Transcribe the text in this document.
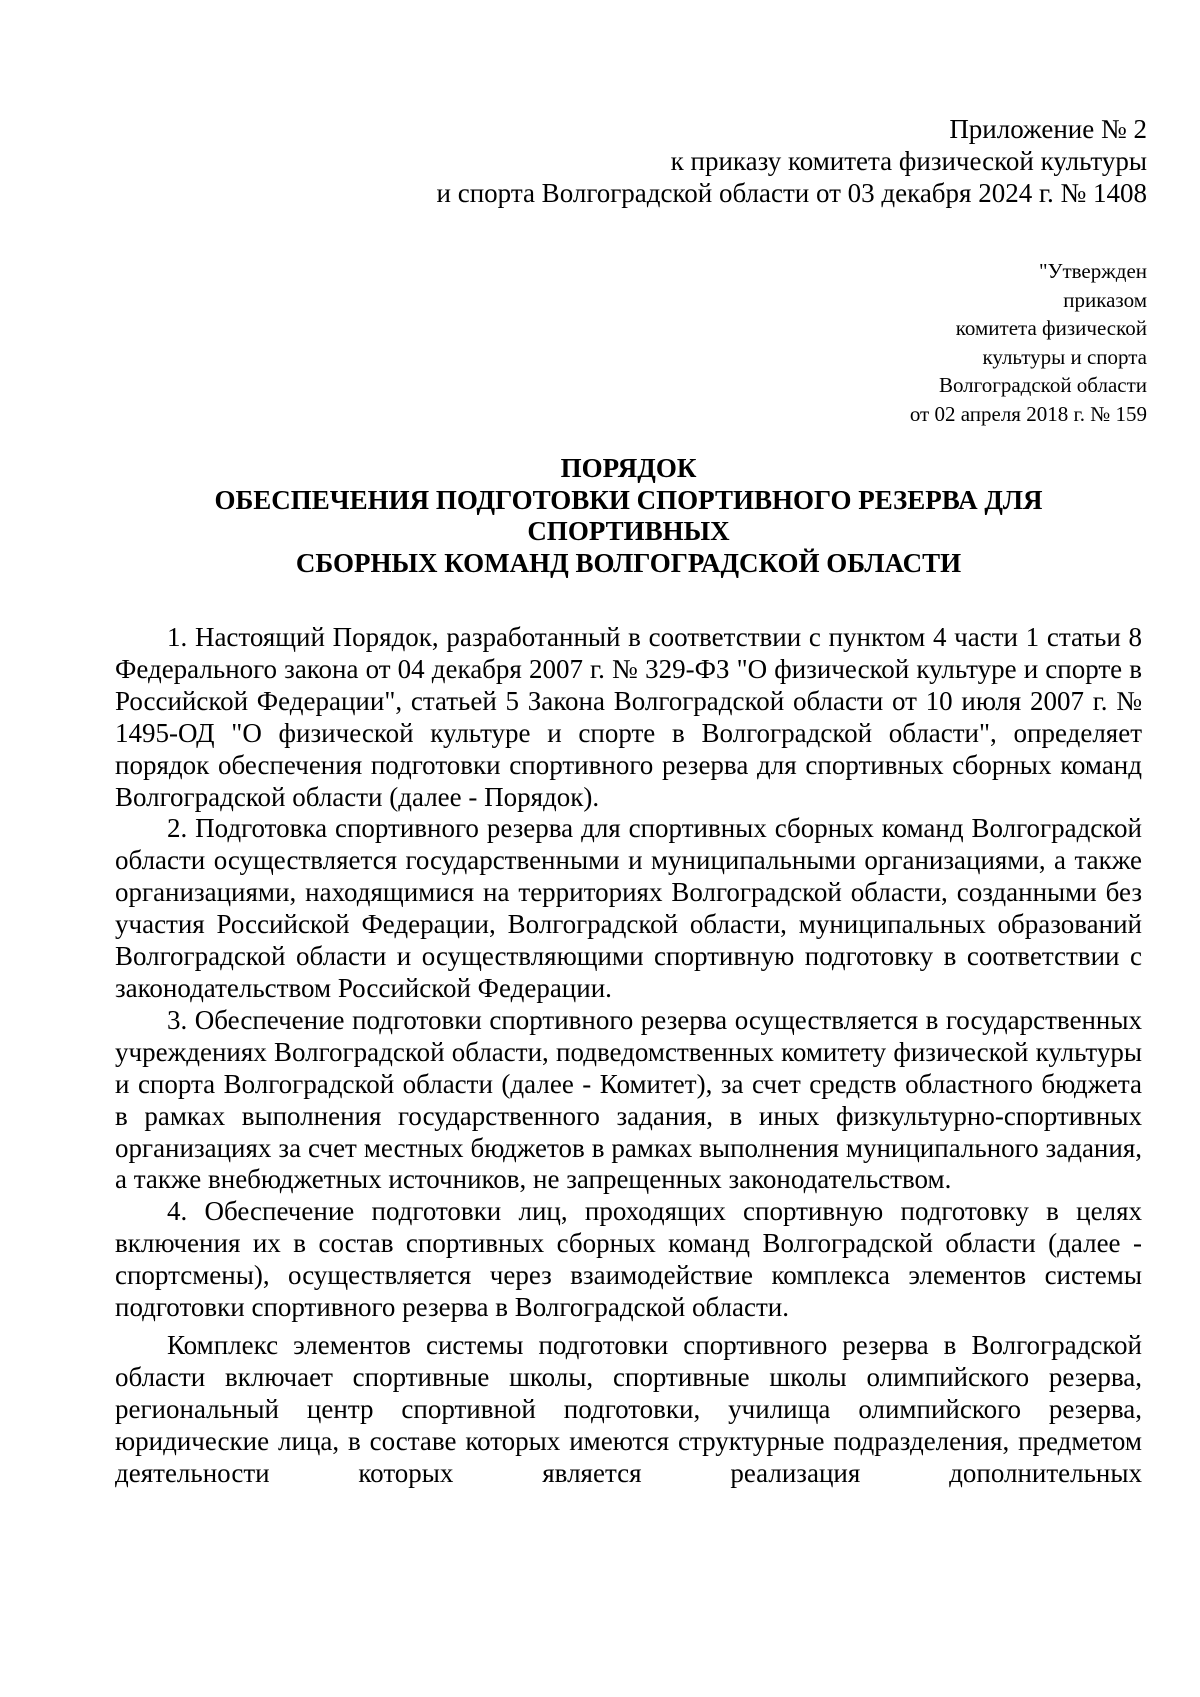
Приложение № 2
к приказу комитета физической культуры
и спорта Волгоградской области от 03 декабря 2024 г. № 1408
"Утвержден
приказом
комитета физической
культуры и спорта
Волгоградской области
от 02 апреля 2018 г. № 159
ПОРЯДОК
ОБЕСПЕЧЕНИЯ ПОДГОТОВКИ СПОРТИВНОГО РЕЗЕРВА ДЛЯ
СПОРТИВНЫХ
СБОРНЫХ КОМАНД ВОЛГОГРАДСКОЙ ОБЛАСТИ

1. Настоящий Порядок, разработанный в соответствии с пунктом 4 части 1 статьи 8 Федерального закона от 04 декабря 2007 г. № 329-ФЗ "О физической культуре и спорте в Российской Федерации", статьей 5 Закона Волгоградской области от 10 июля 2007 г. № 1495-ОД "О физической культуре и спорте в Волгоградской области", определяет порядок обеспечения подготовки спортивного резерва для спортивных сборных команд Волгоградской области (далее - Порядок).

2. Подготовка спортивного резерва для спортивных сборных команд Волгоградской области осуществляется государственными и муниципальными организациями, а также организациями, находящимися на территориях Волгоградской области, созданными без участия Российской Федерации, Волгоградской области, муниципальных образований Волгоградской области и осуществляющими спортивную подготовку в соответствии с законодательством Российской Федерации.

3. Обеспечение подготовки спортивного резерва осуществляется в государственных учреждениях Волгоградской области, подведомственных комитету физической культуры и спорта Волгоградской области (далее - Комитет), за счет средств областного бюджета в рамках выполнения государственного задания, в иных физкультурно-спортивных организациях за счет местных бюджетов в рамках выполнения муниципального задания, а также внебюджетных источников, не запрещенных законодательством.

4. Обеспечение подготовки лиц, проходящих спортивную подготовку в целях включения их в состав спортивных сборных команд Волгоградской области (далее - спортсмены), осуществляется через взаимодействие комплекса элементов системы подготовки спортивного резерва в Волгоградской области.

Комплекс элементов системы подготовки спортивного резерва в Волгоградской области включает спортивные школы, спортивные школы олимпийского резерва, региональный центр спортивной подготовки, училища олимпийского резерва, юридические лица, в составе которых имеются структурные подразделения, предметом деятельности которых является реализация дополнительных
